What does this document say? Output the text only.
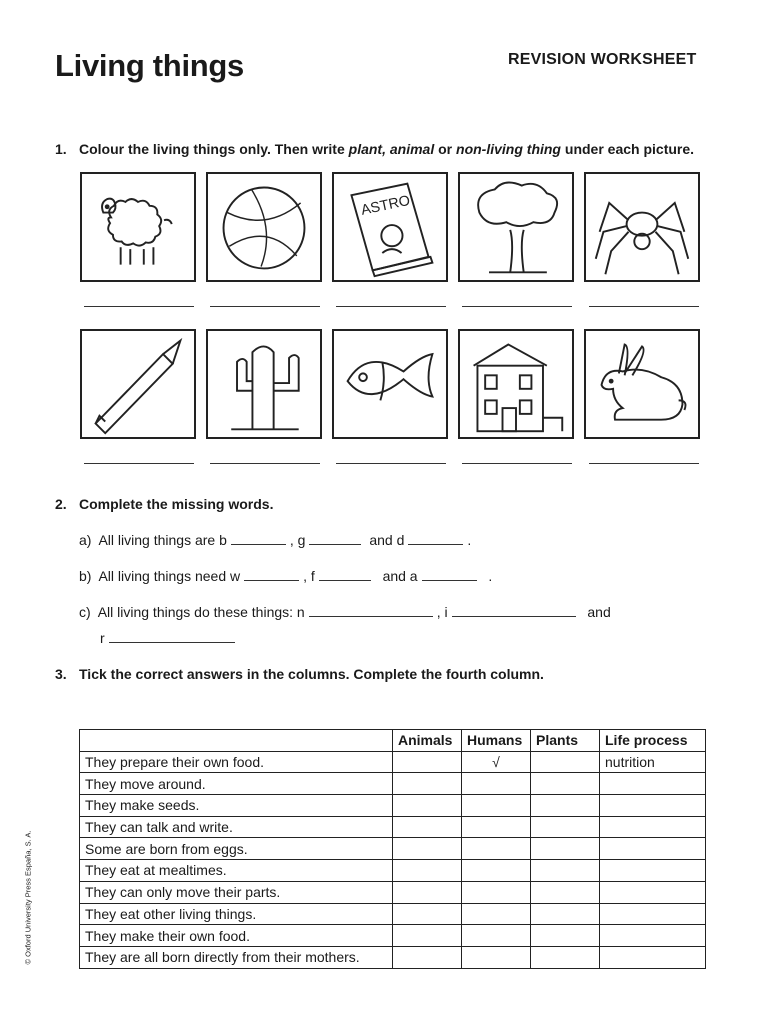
Living things	REVISION WORKSHEET
1. Colour the living things only. Then write plant, animal or non-living thing under each picture.
ASTRO
2. Complete the missing words.
a) All living things are b	, g	and d	.
b) All living things need w	, f	and a	.
c) All living things do these things: n	, i	and
r
3. Tick the correct answers in the columns. Complete the fourth column.
	Animals	Humans	Plants	Life process
They prepare their own food.		√		nutrition
They move around.				
They make seeds.				
They can talk and write.				
Some are born from eggs.				
They eat at mealtimes.				
They can only move their parts.				
They eat other living things.				
They make their own food.				
They are all born directly from their mothers.				
© Oxford University Press España, S. A.
